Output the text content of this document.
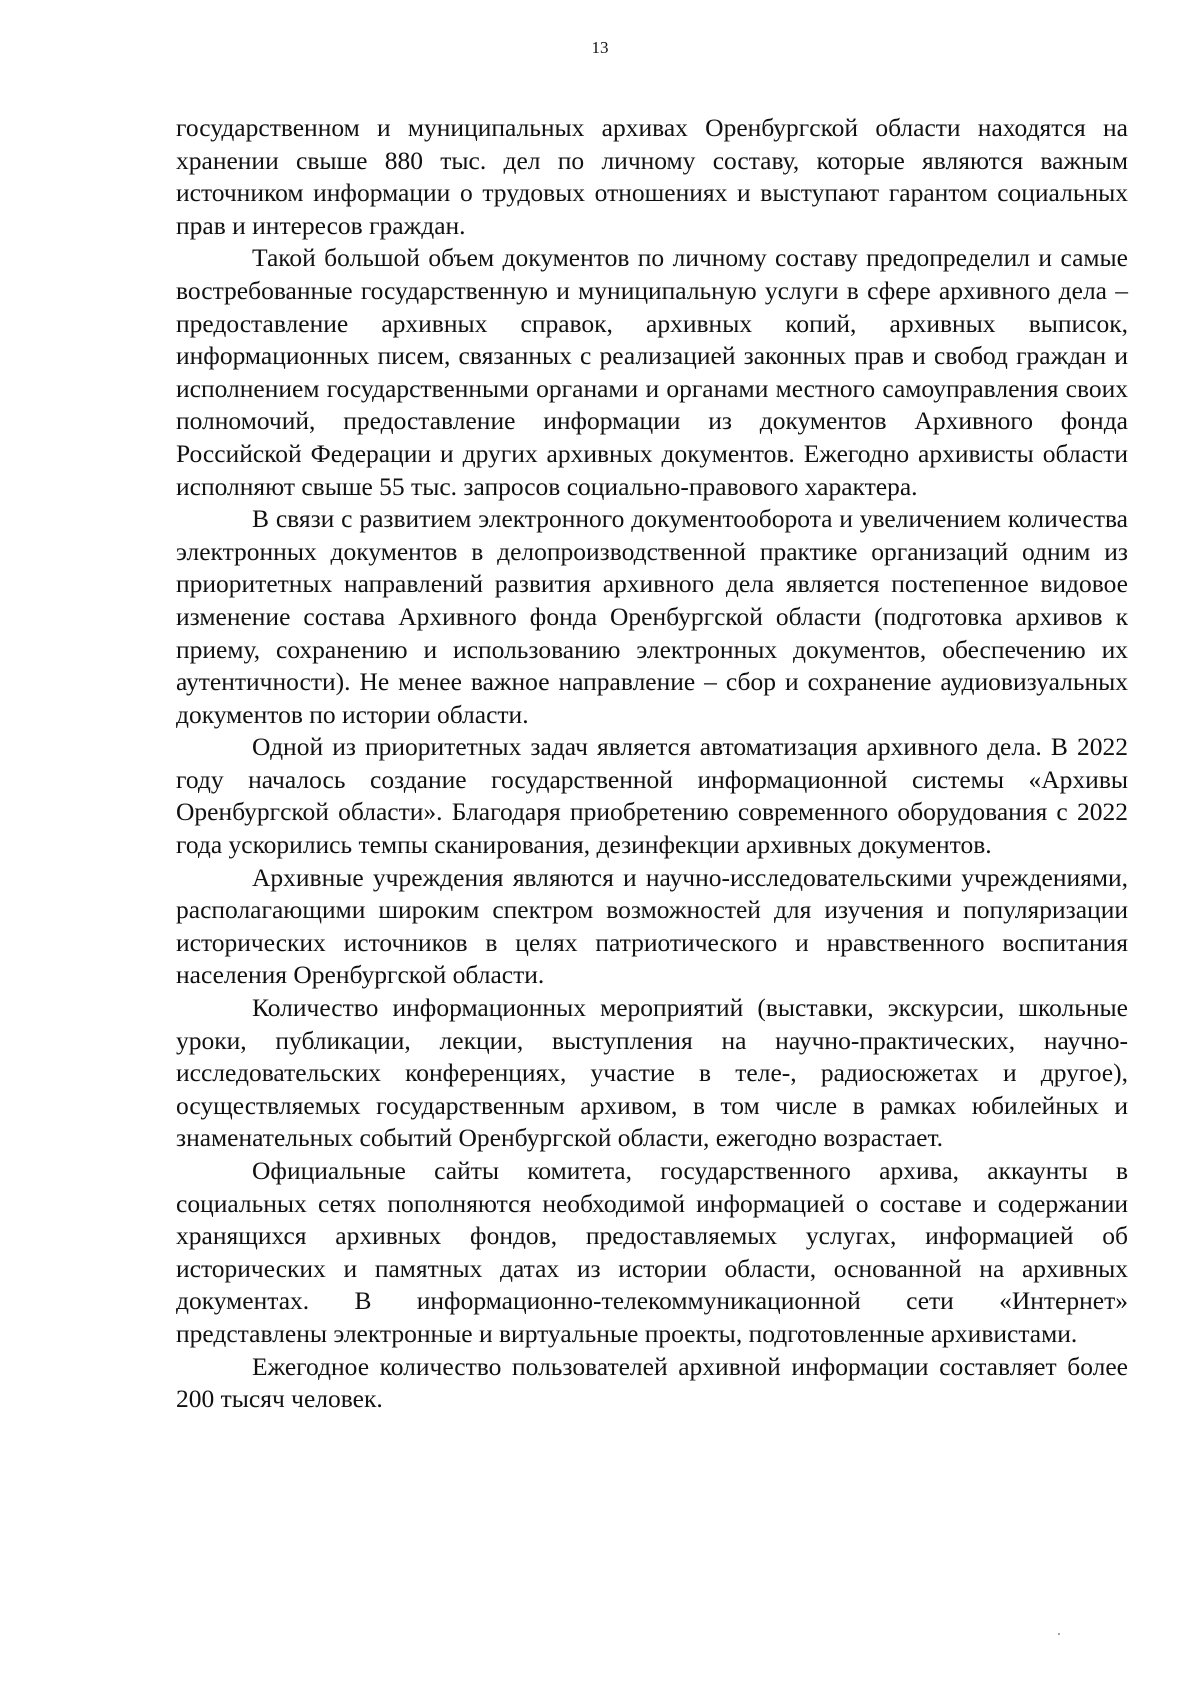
13

государственном и муниципальных архивах Оренбургской области находятся на хранении свыше 880 тыс. дел по личному составу, которые являются важным источником информации о трудовых отношениях и выступают гарантом социальных прав и интересов граждан.

Такой большой объем документов по личному составу предопределил и самые востребованные государственную и муниципальную услуги в сфере архивного дела – предоставление архивных справок, архивных копий, архивных выписок, информационных писем, связанных с реализацией законных прав и свобод граждан и исполнением государственными органами и органами местного самоуправления своих полномочий, предоставление информации из документов Архивного фонда Российской Федерации и других архивных документов. Ежегодно архивисты области исполняют свыше 55 тыс. запросов социально-правового характера.

В связи с развитием электронного документооборота и увеличением количества электронных документов в делопроизводственной практике организаций одним из приоритетных направлений развития архивного дела является постепенное видовое изменение состава Архивного фонда Оренбургской области (подготовка архивов к приему, сохранению и использованию электронных документов, обеспечению их аутентичности). Не менее важное направление – сбор и сохранение аудиовизуальных документов по истории области.

Одной из приоритетных задач является автоматизация архивного дела. В 2022 году началось создание государственной информационной системы «Архивы Оренбургской области». Благодаря приобретению современного оборудования с 2022 года ускорились темпы сканирования, дезинфекции архивных документов.

Архивные учреждения являются и научно-исследовательскими учреждениями, располагающими широким спектром возможностей для изучения и популяризации исторических источников в целях патриотического и нравственного воспитания населения Оренбургской области.

Количество информационных мероприятий (выставки, экскурсии, школьные уроки, публикации, лекции, выступления на научно-практических, научно-исследовательских конференциях, участие в теле-, радиосюжетах и другое), осуществляемых государственным архивом, в том числе в рамках юбилейных и знаменательных событий Оренбургской области, ежегодно возрастает.

Официальные сайты комитета, государственного архива, аккаунты в социальных сетях пополняются необходимой информацией о составе и содержании хранящихся архивных фондов, предоставляемых услугах, информацией об исторических и памятных датах из истории области, основанной на архивных документах. В информационно-телекоммуникационной сети «Интернет» представлены электронные и виртуальные проекты, подготовленные архивистами.

Ежегодное количество пользователей архивной информации составляет более 200 тысяч человек.
